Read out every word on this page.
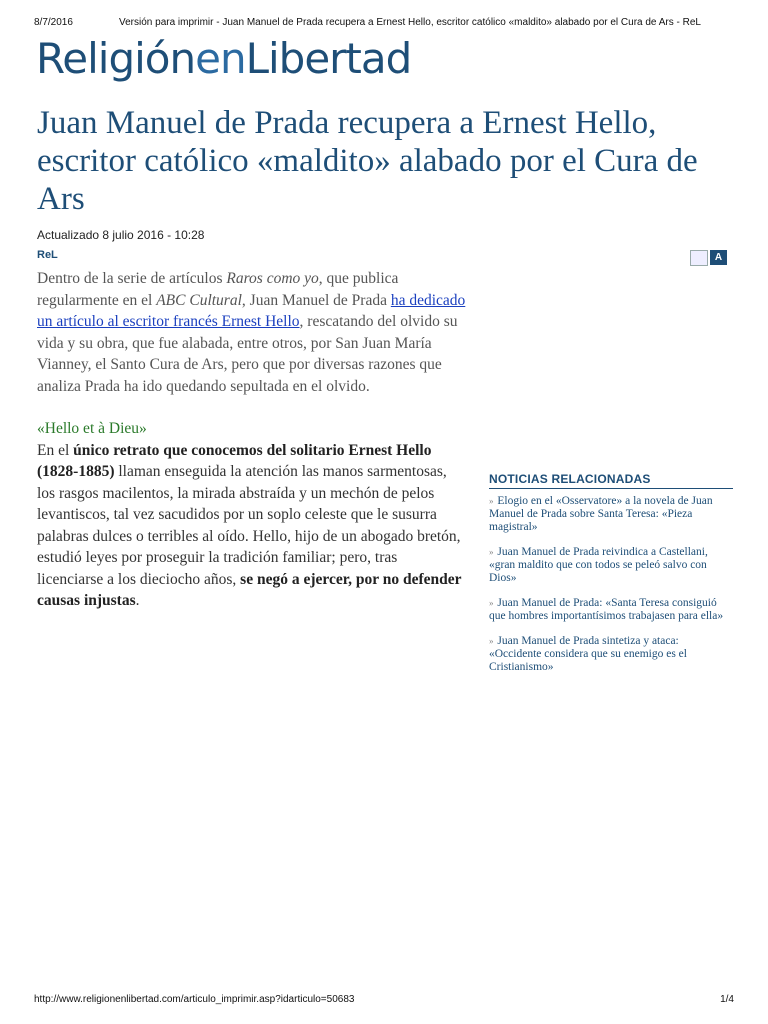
8/7/2016	Versión para imprimir - Juan Manuel de Prada recupera a Ernest Hello, escritor católico «maldito» alabado por el Cura de Ars - ReL
ReligiónenLibertad
Juan Manuel de Prada recupera a Ernest Hello, escritor católico «maldito» alabado por el Cura de Ars
Actualizado 8 julio 2016 - 10:28
ReL	A

Dentro de la serie de artículos Raros como yo, que publica regularmente en el ABC Cultural, Juan Manuel de Prada ha dedicado un artículo al escritor francés Ernest Hello, rescatando del olvido su vida y su obra, que fue alabada, entre otros, por San Juan María Vianney, el Santo Cura de Ars, pero que por diversas razones que analiza Prada ha ido quedando sepultada en el olvido.

«Hello et à Dieu»

En el único retrato que conocemos del solitario Ernest Hello (1828-1885) llaman enseguida la atención las manos sarmentosas, los rasgos macilentos, la mirada abstraída y un mechón de pelos levantiscos, tal vez sacudidos por un soplo celeste que le susurra palabras dulces o terribles al oído. Hello, hijo de un abogado bretón, estudió leyes por proseguir la tradición familiar; pero, tras licenciarse a los dieciocho años, se negó a ejercer, por no defender causas injustas.

NOTICIAS RELACIONADAS
» Elogio en el «Osservatore» a la novela de Juan Manuel de Prada sobre Santa Teresa: «Pieza magistral»
» Juan Manuel de Prada reivindica a Castellani, «gran maldito que con todos se peleó salvo con Dios»
» Juan Manuel de Prada: «Santa Teresa consiguió que hombres importantísimos trabajasen para ella»
» Juan Manuel de Prada sintetiza y ataca: «Occidente considera que su enemigo es el Cristianismo»
http://www.religionenlibertad.com/articulo_imprimir.asp?idarticulo=50683	1/4
